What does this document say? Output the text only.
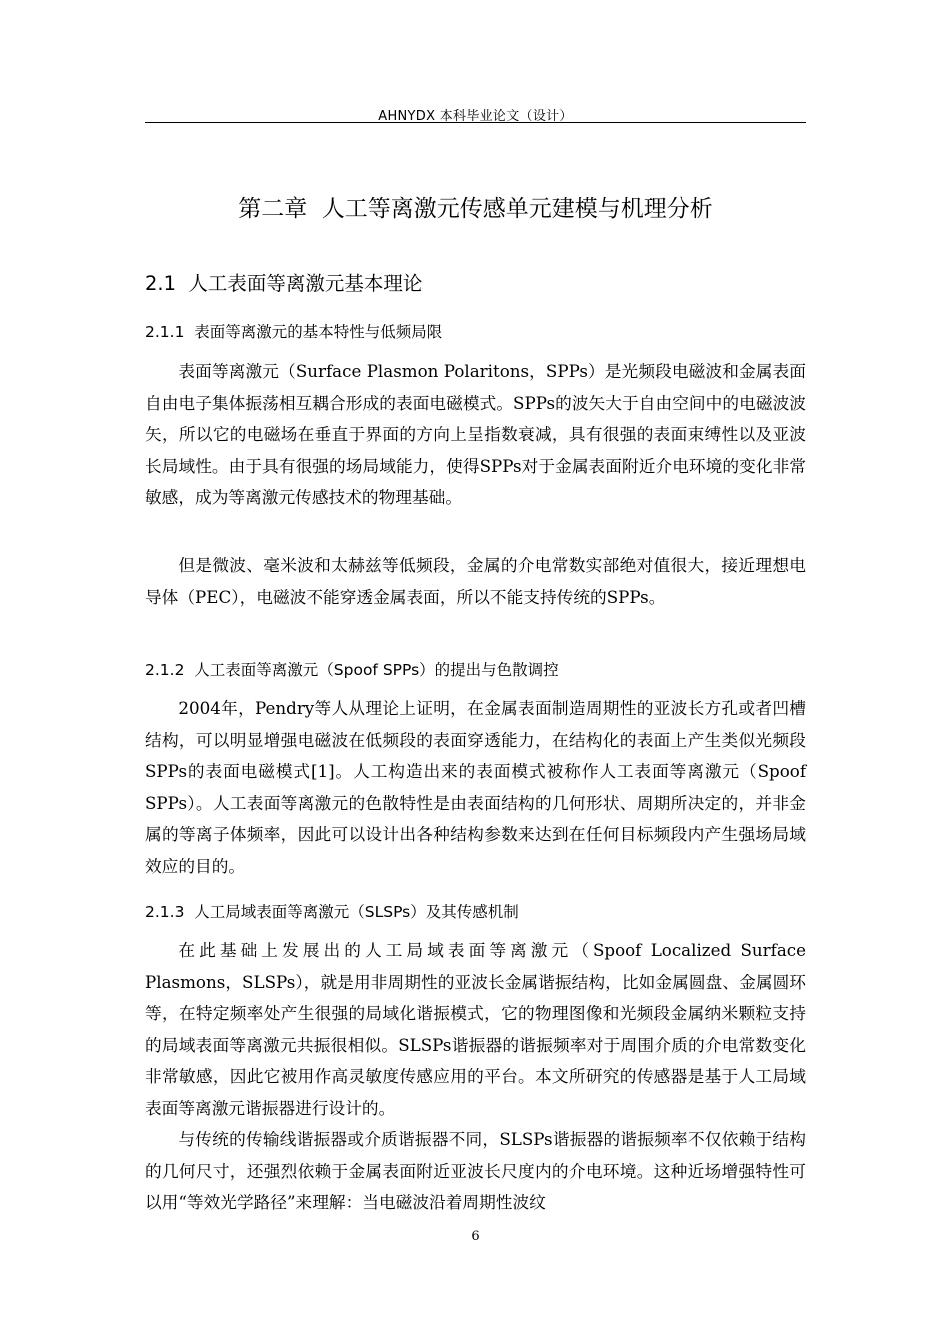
AHNYDX 本科毕业论文（设计）
第二章  人工等离激元传感单元建模与机理分析
2.1  人工表面等离激元基本理论
2.1.1  表面等离激元的基本特性与低频局限

表面等离激元（Surface Plasmon Polaritons，SPPs）是光频段电磁波和金属表面自由电子集体振荡相互耦合形成的表面电磁模式。SPPs的波矢大于自由空间中的电磁波波矢，所以它的电磁场在垂直于界面的方向上呈指数衰减，具有很强的表面束缚性以及亚波长局域性。由于具有很强的场局域能力，使得SPPs对于金属表面附近介电环境的变化非常敏感，成为等离激元传感技术的物理基础。

但是微波、毫米波和太赫兹等低频段，金属的介电常数实部绝对值很大，接近理想电导体（PEC），电磁波不能穿透金属表面，所以不能支持传统的SPPs。

2.1.2  人工表面等离激元（Spoof SPPs）的提出与色散调控

2004年，Pendry等人从理论上证明，在金属表面制造周期性的亚波长方孔或者凹槽结构，可以明显增强电磁波在低频段的表面穿透能力，在结构化的表面上产生类似光频段SPPs的表面电磁模式[1]。人工构造出来的表面模式被称作人工表面等离激元（Spoof SPPs）。人工表面等离激元的色散特性是由表面结构的几何形状、周期所决定的，并非金属的等离子体频率，因此可以设计出各种结构参数来达到在任何目标频段内产生强场局域效应的目的。

2.1.3  人工局域表面等离激元（SLSPs）及其传感机制

在此基础上发展出的人工局域表面等离激元（Spoof Localized Surface Plasmons，SLSPs），就是用非周期性的亚波长金属谐振结构，比如金属圆盘、金属圆环等，在特定频率处产生很强的局域化谐振模式，它的物理图像和光频段金属纳米颗粒支持的局域表面等离激元共振很相似。SLSPs谐振器的谐振频率对于周围介质的介电常数变化非常敏感，因此它被用作高灵敏度传感应用的平台。本文所研究的传感器是基于人工局域表面等离激元谐振器进行设计的。

与传统的传输线谐振器或介质谐振器不同，SLSPs谐振器的谐振频率不仅依赖于结构的几何尺寸，还强烈依赖于金属表面附近亚波长尺度内的介电环境。这种近场增强特性可以用“等效光学路径”来理解：当电磁波沿着周期性波纹

6
